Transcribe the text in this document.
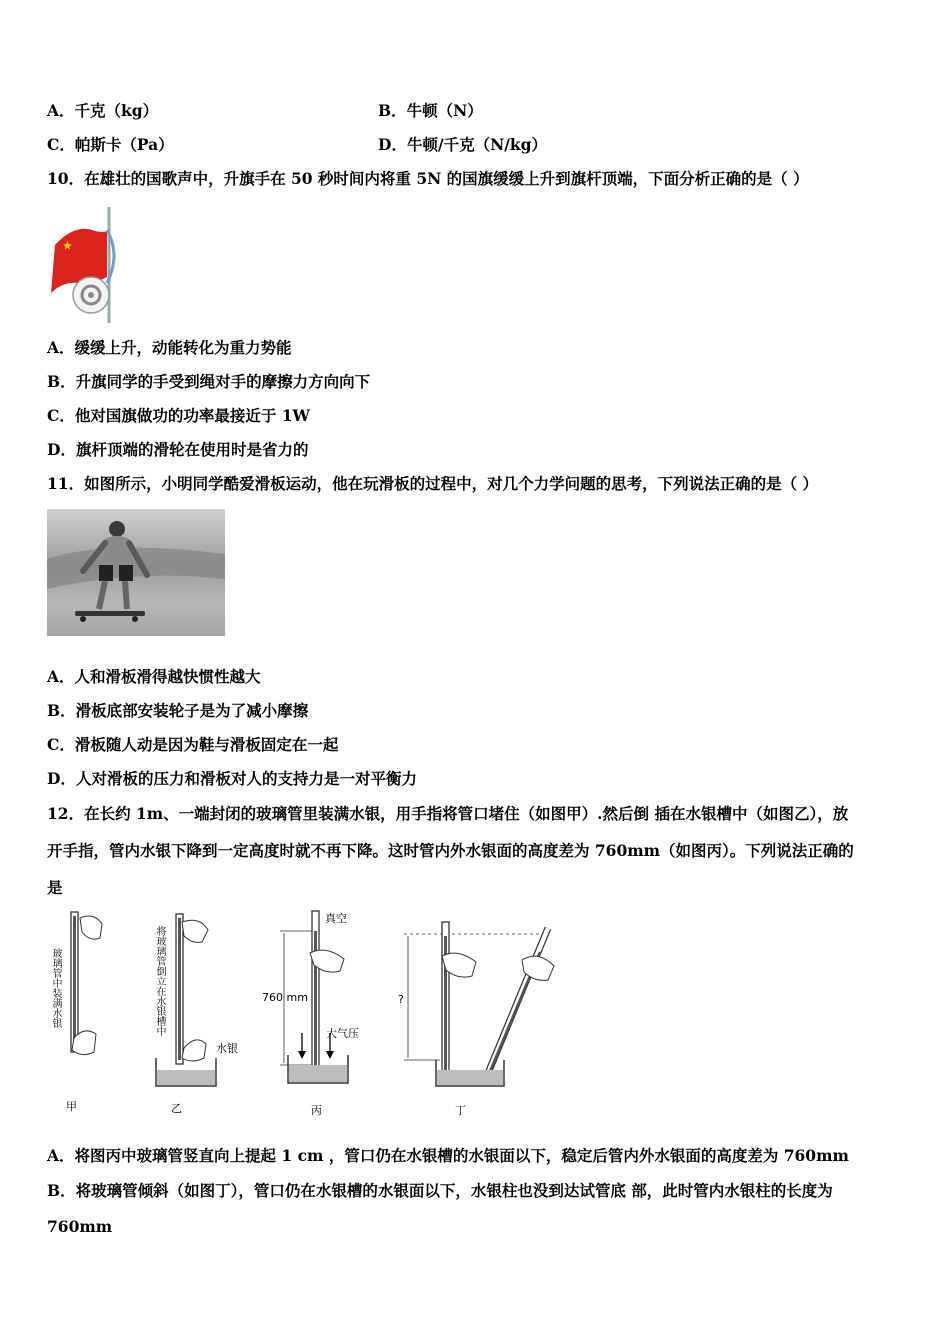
A．千克（kg）	B．牛顿（N）
C．帕斯卡（Pa）	D．牛顿/千克（N/kg）
10．在雄壮的国歌声中，升旗手在 50 秒时间内将重 5N 的国旗缓缓上升到旗杆顶端，下面分析正确的是（ ）
★
A．缓缓上升，动能转化为重力势能
B．升旗同学的手受到绳对手的摩擦力方向向下
C．他对国旗做功的功率最接近于 1W
D．旗杆顶端的滑轮在使用时是省力的
11．如图所示，小明同学酷爱滑板运动，他在玩滑板的过程中，对几个力学问题的思考，下列说法正确的是（ ）
A．人和滑板滑得越快惯性越大
B．滑板底部安装轮子是为了减小摩擦
C．滑板随人动是因为鞋与滑板固定在一起
D．人对滑板的压力和滑板对人的支持力是一对平衡力
12．在长约 1m、一端封闭的玻璃管里装满水银，用手指将管口堵住（如图甲）.然后倒 插在水银槽中（如图乙），放
开手指，管内水银下降到一定高度时就不再下降。这时管内外水银面的高度差为 760mm（如图丙）。下列说法正确的
是
玻璃管中装满水银
甲
将玻璃管倒立在水银槽中
水银
乙
真空
760 mm
大气压
丙
?
丁
A．将图丙中玻璃管竖直向上提起 1 cm ，管口仍在水银槽的水银面以下，稳定后管内外水银面的高度差为 760mm
B．将玻璃管倾斜（如图丁），管口仍在水银槽的水银面以下，水银柱也没到达试管底 部，此时管内水银柱的长度为
760mm
